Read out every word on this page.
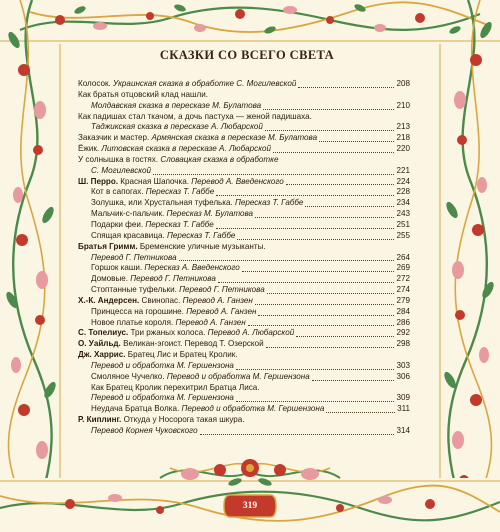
319
СКАЗКИ СО ВСЕГО СВЕТА
Колосок. Украинская сказка в обработке С. Могилевской	208
Как братья отцовский клад нашли.
Молдавская сказка в пересказе М. Булатова	210
Как падишах стал ткачом, а дочь пастуха — женой падишаха.
Таджикская сказка в пересказе А. Любарской	213
Заказчик и мастер. Армянская сказка в пересказе М. Булатова	218
Ёжик. Литовская сказка в пересказе А. Любарской	220
У солнышка в гостях. Словацкая сказка в обработке
С. Могилевской	221
Ш. Перро. Красная Шапочка. Перевод А. Введенского	224
Кот в сапогах. Пересказ Т. Габбе	228
Золушка, или Хрустальная туфелька. Пересказ Т. Габбе	234
Мальчик-с-пальчик. Пересказ М. Булатова	243
Подарки феи. Пересказ Т. Габбе	251
Спящая красавица. Пересказ Т. Габбе	255
Братья Гримм. Бременские уличные музыканты.
Перевод Г. Петникова	264
Горшок каши. Пересказ А. Введенского	269
Домовые. Перевод Г. Петникова	272
Стоптанные туфельки. Перевод Г. Петникова	274
Х.-К. Андерсен. Свинопас. Перевод А. Ганзен	279
Принцесса на горошине. Перевод А. Ганзен	284
Новое платье короля. Перевод А. Ганзен	286
С. Топелиус. Три ржаных колоса. Перевод А. Любарской	292
О. Уайльд. Великан-эгоист. Перевод Т. Озерской	298
Дж. Харрис. Братец Лис и Братец Кролик.
Перевод и обработка М. Гершензона	303
Смоляное Чучелко. Перевод и обработка М. Гершензона	306
Как Братец Кролик перехитрил Братца Лиса.
Перевод и обработка М. Гершензона	309
Неудача Братца Волка. Перевод и обработка М. Гершензона	311
Р. Киплинг. Откуда у Носорога такая шкура.
Перевод Корнея Чуковского	314
